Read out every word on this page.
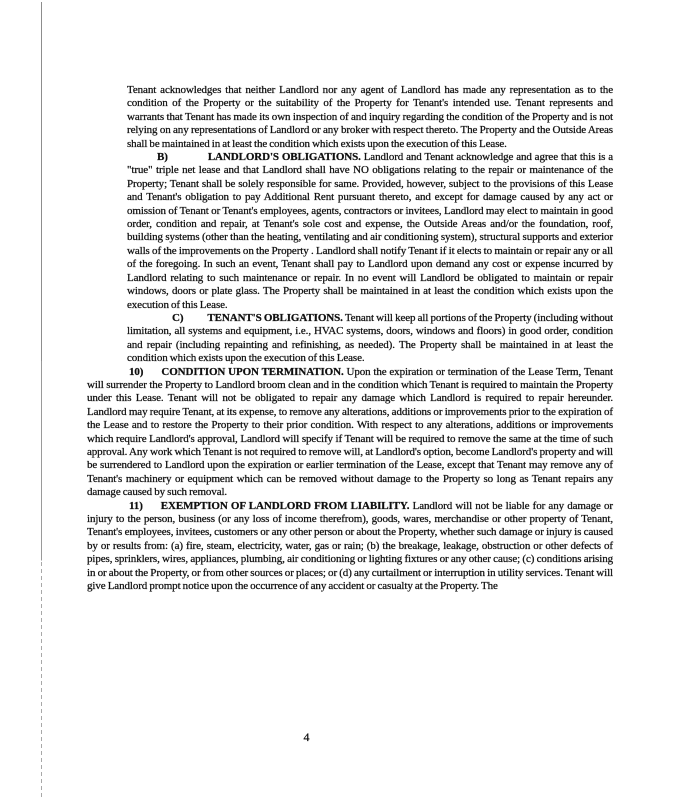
Tenant acknowledges that neither Landlord nor any agent of Landlord has made any representation as to the condition of the Property or the suitability of the Property for Tenant's intended use. Tenant represents and warrants that Tenant has made its own inspection of and inquiry regarding the condition of the Property and is not relying on any representations of Landlord or any broker with respect thereto. The Property and the Outside Areas shall be maintained in at least the condition which exists upon the execution of this Lease.

B)	LANDLORD'S OBLIGATIONS. Landlord and Tenant acknowledge and agree that this is a "true" triple net lease and that Landlord shall have NO obligations relating to the repair or maintenance of the Property; Tenant shall be solely responsible for same. Provided, however, subject to the provisions of this Lease and Tenant's obligation to pay Additional Rent pursuant thereto, and except for damage caused by any act or omission of Tenant or Tenant's employees, agents, contractors or invitees, Landlord may elect to maintain in good order, condition and repair, at Tenant's sole cost and expense, the Outside Areas and/or the foundation, roof, building systems (other than the heating, ventilating and air conditioning system), structural supports and exterior walls of the improvements on the Property . Landlord shall notify Tenant if it elects to maintain or repair any or all of the foregoing. In such an event, Tenant shall pay to Landlord upon demand any cost or expense incurred by Landlord relating to such maintenance or repair. In no event will Landlord be obligated to maintain or repair windows, doors or plate glass. The Property shall be maintained in at least the condition which exists upon the execution of this Lease.

C) TENANT'S OBLIGATIONS. Tenant will keep all portions of the Property (including without limitation, all systems and equipment, i.e., HVAC systems, doors, windows and floors) in good order, condition and repair (including repainting and refinishing, as needed). The Property shall be maintained in at least the condition which exists upon the execution of this Lease.

10) CONDITION UPON TERMINATION. Upon the expiration or termination of the Lease Term, Tenant will surrender the Property to Landlord broom clean and in the condition which Tenant is required to maintain the Property under this Lease. Tenant will not be obligated to repair any damage which Landlord is required to repair hereunder. Landlord may require Tenant, at its expense, to remove any alterations, additions or improvements prior to the expiration of the Lease and to restore the Property to their prior condition. With respect to any alterations, additions or improvements which require Landlord's approval, Landlord will specify if Tenant will be required to remove the same at the time of such approval. Any work which Tenant is not required to remove will, at Landlord's option, become Landlord's property and will be surrendered to Landlord upon the expiration or earlier termination of the Lease, except that Tenant may remove any of Tenant's machinery or equipment which can be removed without damage to the Property so long as Tenant repairs any damage caused by such removal.

11) EXEMPTION OF LANDLORD FROM LIABILITY. Landlord will not be liable for any damage or injury to the person, business (or any loss of income therefrom), goods, wares, merchandise or other property of Tenant, Tenant's employees, invitees, customers or any other person or about the Property, whether such damage or injury is caused by or results from: (a) fire, steam, electricity, water, gas or rain; (b) the breakage, leakage, obstruction or other defects of pipes, sprinklers, wires, appliances, plumbing, air conditioning or lighting fixtures or any other cause; (c) conditions arising in or about the Property, or from other sources or places; or (d) any curtailment or interruption in utility services. Tenant will give Landlord prompt notice upon the occurrence of any accident or casualty at the Property. The

4
